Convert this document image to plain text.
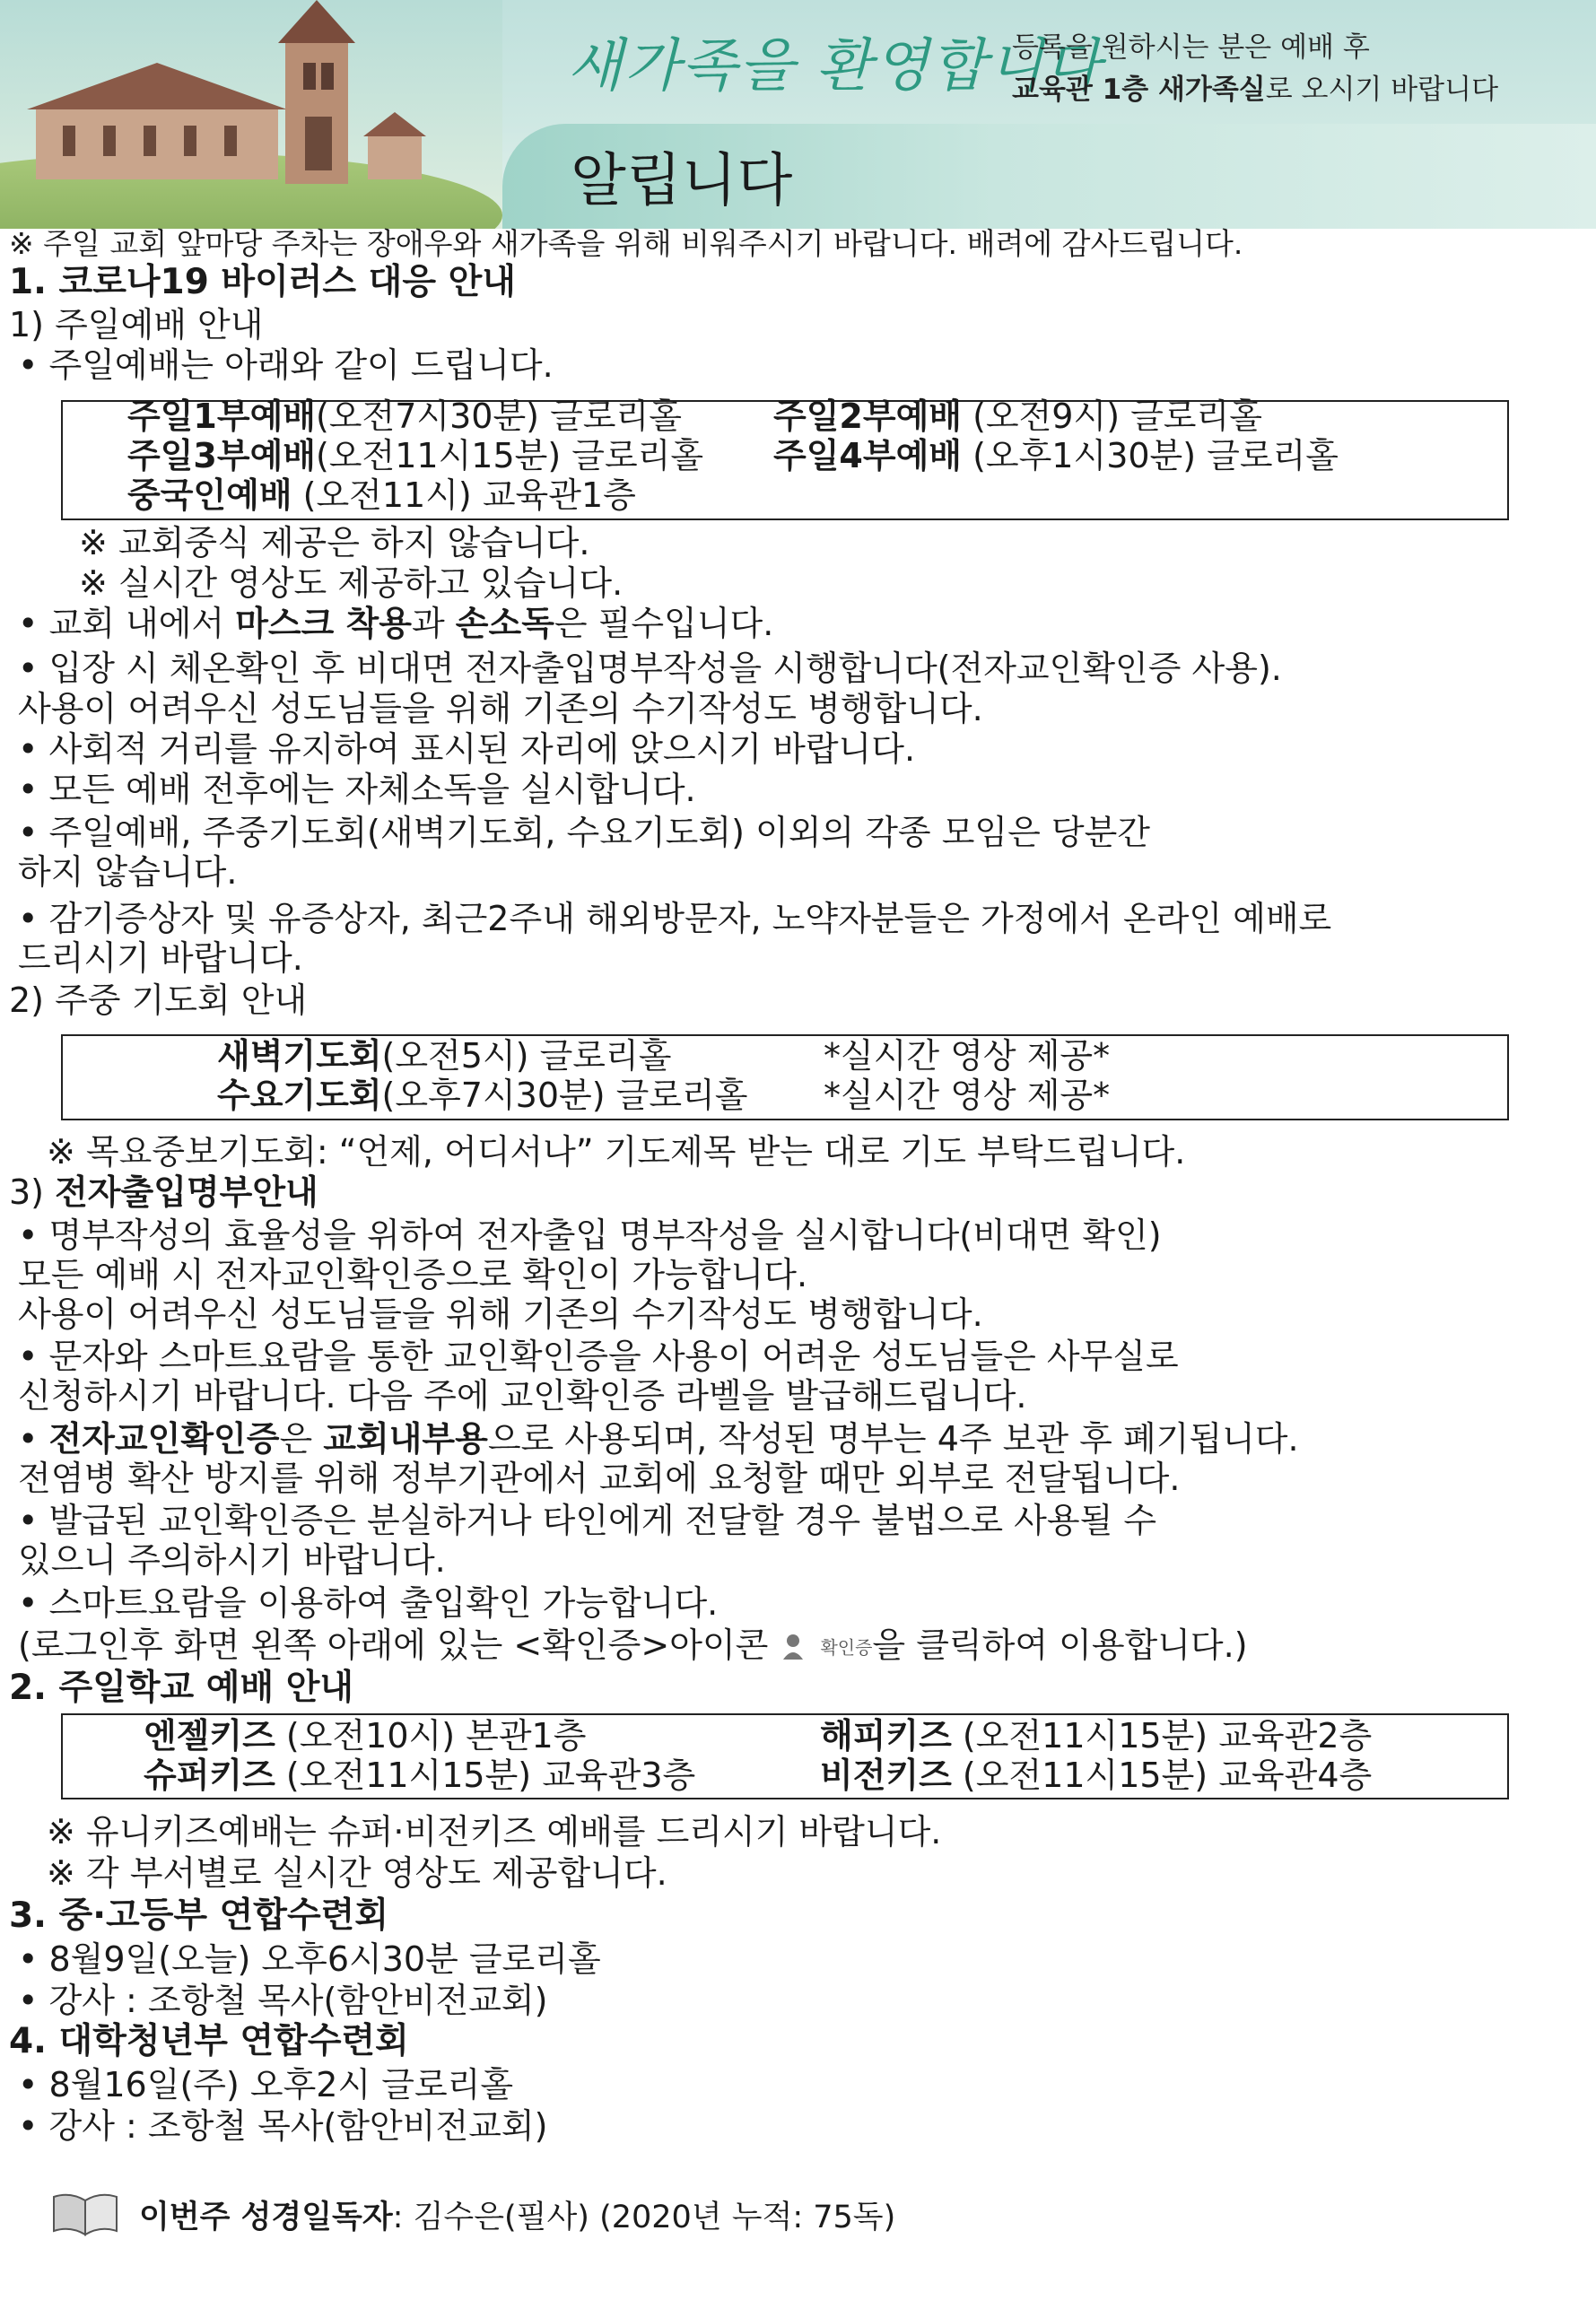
새가족을 환영합니다
등록을 원하시는 분은 예배 후
교육관 1층 새가족실로 오시기 바랍니다
알립니다
※ 주일 교회 앞마당 주차는 장애우와 새가족을 위해 비워주시기 바랍니다. 배려에 감사드립니다.
1. 코로나19 바이러스 대응 안내
1) 주일예배 안내
• 주일예배는 아래와 같이 드립니다.
주일1부예배(오전7시30분) 글로리홀	주일2부예배 (오전9시) 글로리홀
주일3부예배(오전11시15분) 글로리홀 주일4부예배 (오후1시30분) 글로리홀
중국인예배 (오전11시) 교육관1층
※ 교회중식 제공은 하지 않습니다.
※ 실시간 영상도 제공하고 있습니다.
• 교회 내에서 마스크 착용과 손소독은 필수입니다.
• 입장 시 체온확인 후 비대면 전자출입명부작성을 시행합니다(전자교인확인증 사용).
사용이 어려우신 성도님들을 위해 기존의 수기작성도 병행합니다.
• 사회적 거리를 유지하여 표시된 자리에 앉으시기 바랍니다.
• 모든 예배 전후에는 자체소독을 실시합니다.
• 주일예배, 주중기도회(새벽기도회, 수요기도회) 이외의 각종 모임은 당분간
하지 않습니다.
• 감기증상자 및 유증상자, 최근2주내 해외방문자, 노약자분들은 가정에서 온라인 예배로
드리시기 바랍니다.
2) 주중 기도회 안내
새벽기도회(오전5시) 글로리홀	*실시간 영상 제공*
수요기도회(오후7시30분) 글로리홀 *실시간 영상 제공*
※ 목요중보기도회: “언제, 어디서나” 기도제목 받는 대로 기도 부탁드립니다.
3) 전자출입명부안내
• 명부작성의 효율성을 위하여 전자출입 명부작성을 실시합니다(비대면 확인)
모든 예배 시 전자교인확인증으로 확인이 가능합니다.
사용이 어려우신 성도님들을 위해 기존의 수기작성도 병행합니다.
• 문자와 스마트요람을 통한 교인확인증을 사용이 어려운 성도님들은 사무실로
신청하시기 바랍니다. 다음 주에 교인확인증 라벨을 발급해드립니다.
• 전자교인확인증은 교회내부용으로 사용되며, 작성된 명부는 4주 보관 후 폐기됩니다.
전염병 확산 방지를 위해 정부기관에서 교회에 요청할 때만 외부로 전달됩니다.
• 발급된 교인확인증은 분실하거나 타인에게 전달할 경우 불법으로 사용될 수
있으니 주의하시기 바랍니다.
• 스마트요람을 이용하여 출입확인 가능합니다.
(로그인후 화면 왼쪽 아래에 있는 <확인증>아이콘 확인증을 클릭하여 이용합니다.)
2. 주일학교 예배 안내
엔젤키즈 (오전10시) 본관1층	해피키즈 (오전11시15분) 교육관2층
슈퍼키즈 (오전11시15분) 교육관3층	비전키즈 (오전11시15분) 교육관4층
※ 유니키즈예배는 슈퍼·비전키즈 예배를 드리시기 바랍니다.
※ 각 부서별로 실시간 영상도 제공합니다.
3. 중·고등부 연합수련회
• 8월9일(오늘) 오후6시30분 글로리홀
• 강사 : 조항철 목사(함안비전교회)
4. 대학청년부 연합수련회
• 8월16일(주) 오후2시 글로리홀
• 강사 : 조항철 목사(함안비전교회)
이번주 성경일독자: 김수은(필사) (2020년 누적: 75독)
